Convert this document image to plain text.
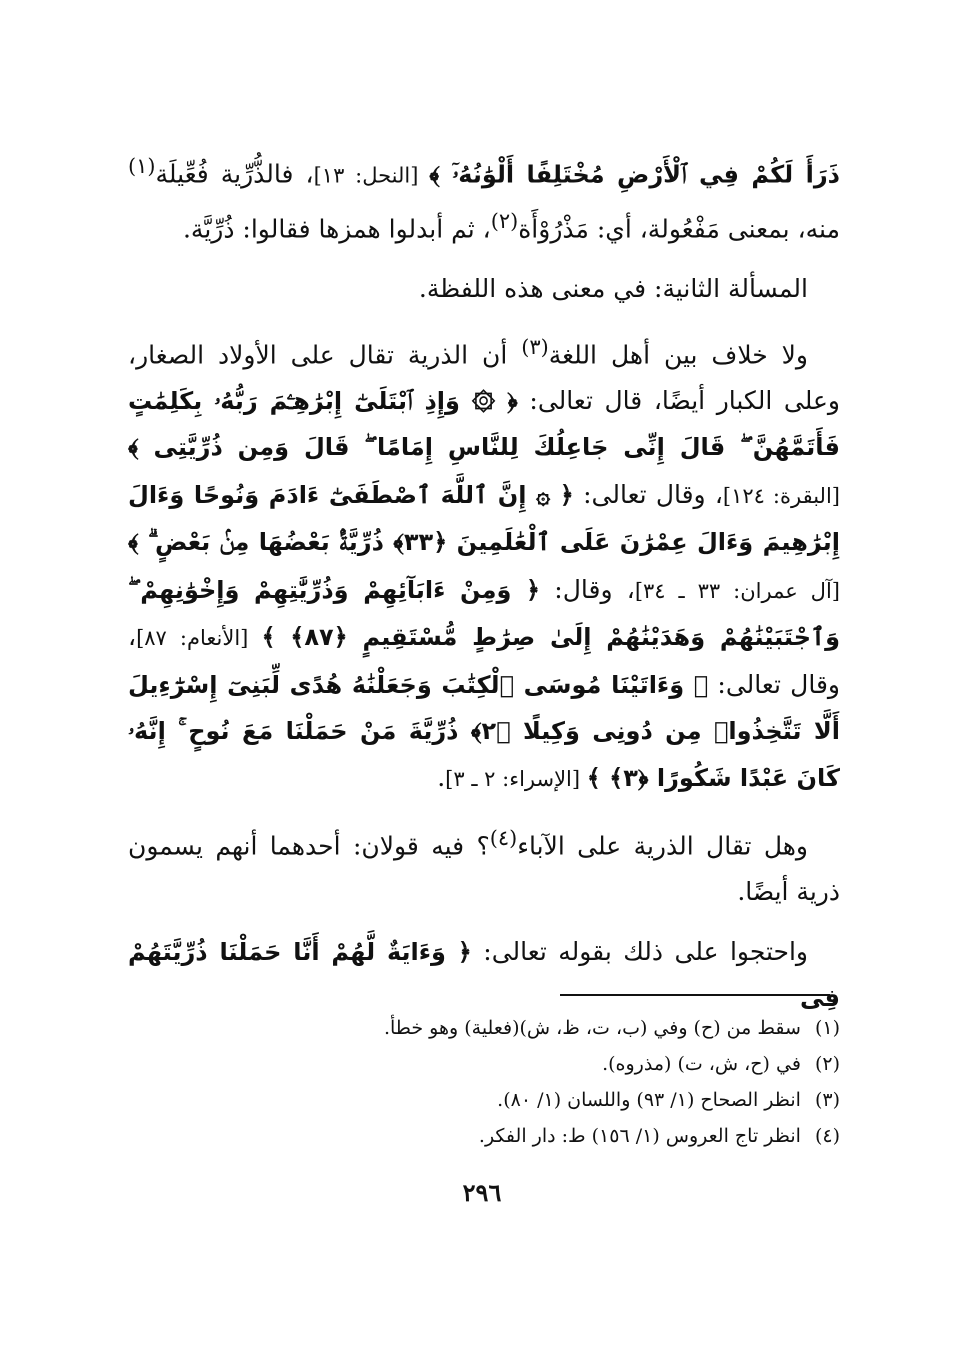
ذَرَأَ لَكُمْ فِي ٱلْأَرْضِ مُخْتَلِفًا أَلْوَٰنُهُۥٓ ﴾ [النحل: ١٣]، فالذُّرِّية فُعِّيلَة$^{(١)}$ منه، بمعنى مَفْعُولة، أي: مَذْرُوْأَة$^{(٢)}$، ثم أبدلوا همزها فقالوا: ذُرِّيَّة.

المسألة الثانية: في معنى هذه اللفظة.

ولا خلاف بين أهل اللغة$^{(٣)}$ أن الذرية تقال على الأولاد الصغار، وعلى الكبار أيضًا، قال تعالى: ﴿ ۞ وَإِذِ ٱبْتَلَىٰٓ إِبْرَٰهِـۧمَ رَبُّهُۥ بِكَلِمَٰتٍ فَأَتَمَّهُنَّ ۖ قَالَ إِنِّى جَاعِلُكَ لِلنَّاسِ إِمَامًا ۖ قَالَ وَمِن ذُرِّيَّتِى ﴾ [البقرة: ١٢٤]، وقال تعالى: ﴿ ۞ إِنَّ ٱللَّهَ ٱصْطَفَىٰٓ ءَادَمَ وَنُوحًا وَءَالَ إِبْرَٰهِيمَ وَءَالَ عِمْرَٰنَ عَلَى ٱلْعَٰلَمِينَ ﴿٣٣﴾ ذُرِّيَّةًۢ بَعْضُهَا مِنۢ بَعْضٍ ۗ ﴾ [آل عمران: ٣٣ ـ ٣٤]، وقال: ﴿ وَمِنْ ءَابَآئِهِمْ وَذُرِّيَّٰتِهِمْ وَإِخْوَٰنِهِمْ ۖ وَٱجْتَبَيْنَٰهُمْ وَهَدَيْنَٰهُمْ إِلَىٰ صِرَٰطٍ مُّسْتَقِيمٍ ﴿٨٧﴾ ﴾ [الأنعام: ٨٧]، وقال تعالى: ﴿ وَءَاتَيْنَا مُوسَى ٱلْكِتَٰبَ وَجَعَلْنَٰهُ هُدًى لِّبَنِىٓ إِسْرَٰٓءِيلَ أَلَّا تَتَّخِذُوا۟ مِن دُونِى وَكِيلًا ﴿٢﴾ ذُرِّيَّةَ مَنْ حَمَلْنَا مَعَ نُوحٍ ۚ إِنَّهُۥ كَانَ عَبْدًا شَكُورًا ﴿٣﴾ ﴾ [الإسراء: ٢ ـ ٣].

وهل تقال الذرية على الآباء$^{(٤)}$؟ فيه قولان: أحدهما أنهم يسمون ذرية أيضًا.

واحتجوا على ذلك بقوله تعالى: ﴿ وَءَايَةٌ لَّهُمْ أَنَّا حَمَلْنَا ذُرِّيَّتَهُمْ فِى

(١)سقط من (ح) وفي (ب، ت، ظ، ش)(فعلية) وهو خطأ.
(٢)في (ح، ش، ت) (مذروه).
(٣)انظر الصحاح (١/ ٩٣) واللسان (١/ ٨٠).
(٤)انظر تاج العروس (١/ ١٥٦) ط: دار الفكر.
٢٩٦
